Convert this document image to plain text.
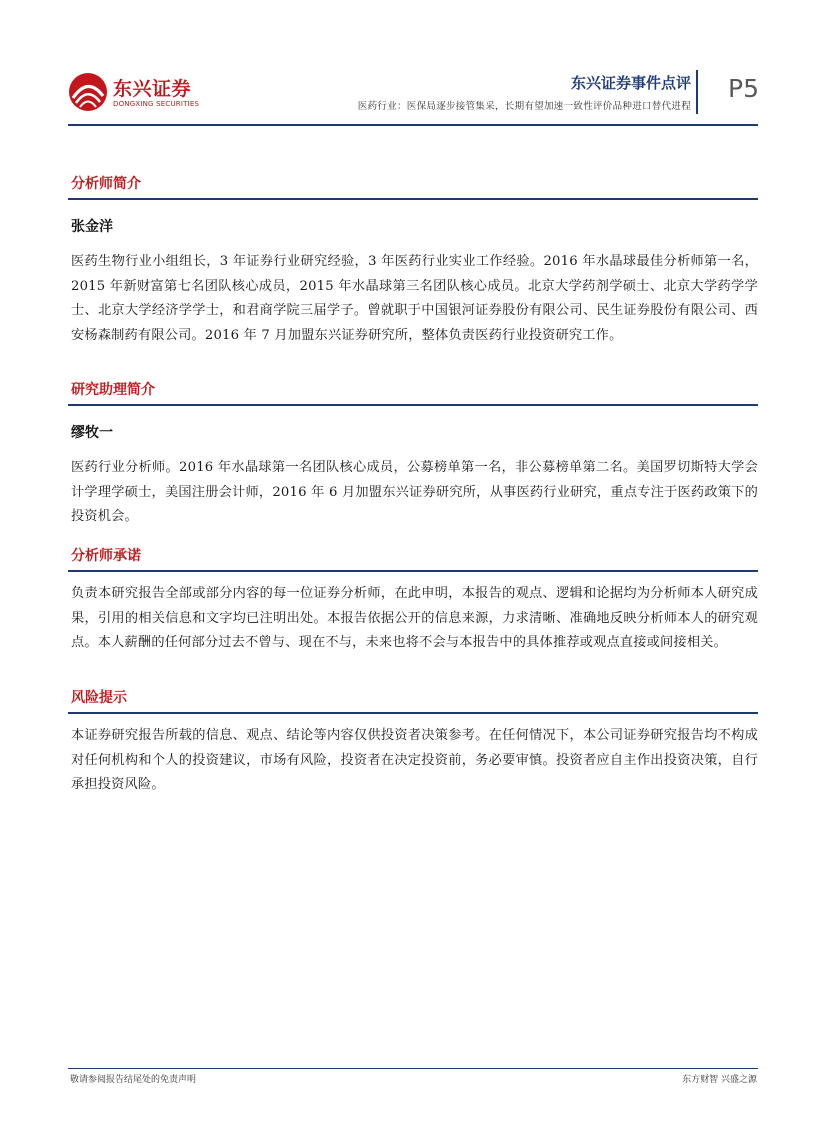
东兴证券
DONGXING SECURITIES
东兴证券事件点评
医药行业：医保局逐步接管集采，长期有望加速一致性评价品种进口替代进程
P5
分析师简介
张金洋

医药生物行业小组组长，3 年证券行业研究经验，3 年医药行业实业工作经验。2016 年水晶球最佳分析师第一名，2015 年新财富第七名团队核心成员，2015 年水晶球第三名团队核心成员。北京大学药剂学硕士、北京大学药学学士、北京大学经济学学士，和君商学院三届学子。曾就职于中国银河证券股份有限公司、民生证券股份有限公司、西安杨森制药有限公司。2016 年 7 月加盟东兴证券研究所，整体负责医药行业投资研究工作。

研究助理简介
缪牧一

医药行业分析师。2016 年水晶球第一名团队核心成员，公募榜单第一名，非公募榜单第二名。美国罗切斯特大学会计学理学硕士，美国注册会计师，2016 年 6 月加盟东兴证券研究所，从事医药行业研究，重点专注于医药政策下的投资机会。

分析师承诺

负责本研究报告全部或部分内容的每一位证券分析师，在此申明，本报告的观点、逻辑和论据均为分析师本人研究成果，引用的相关信息和文字均已注明出处。本报告依据公开的信息来源，力求清晰、准确地反映分析师本人的研究观点。本人薪酬的任何部分过去不曾与、现在不与，未来也将不会与本报告中的具体推荐或观点直接或间接相关。

风险提示

本证券研究报告所载的信息、观点、结论等内容仅供投资者决策参考。在任何情况下，本公司证券研究报告均不构成对任何机构和个人的投资建议，市场有风险，投资者在决定投资前，务必要审慎。投资者应自主作出投资决策，自行承担投资风险。

敬请参阅报告结尾处的免责声明	东方财智 兴盛之源
